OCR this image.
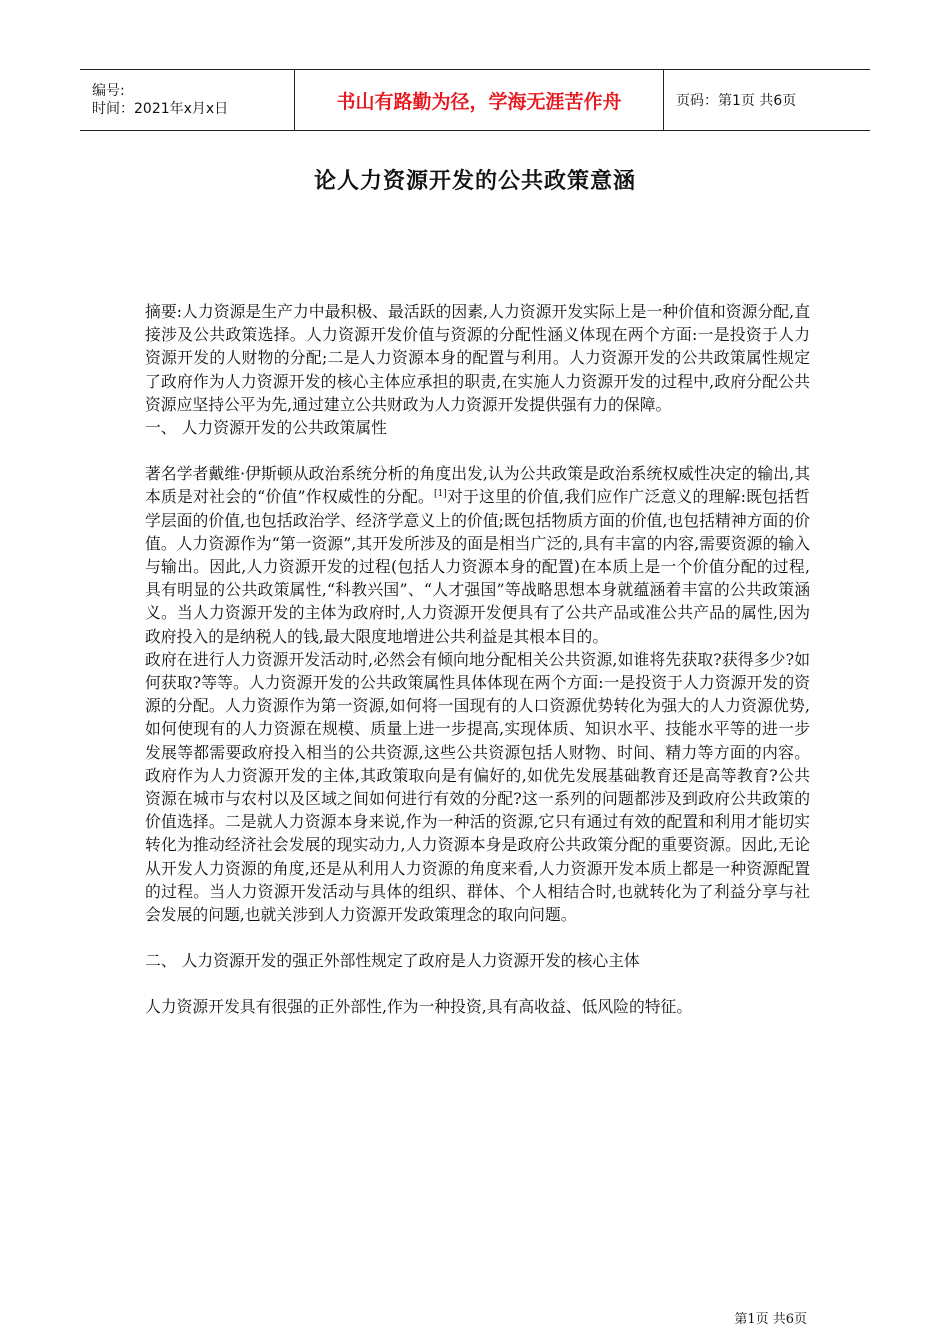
编号:
时间：2021年x月x日	书山有路勤为径，学海无涯苦作舟	页码：第1页 共6页
论人力资源开发的公共政策意涵

摘要:人力资源是生产力中最积极、最活跃的因素,人力资源开发实际上是一种价值和资源分配,直接涉及公共政策选择。人力资源开发价值与资源的分配性涵义体现在两个方面:一是投资于人力资源开发的人财物的分配;二是人力资源本身的配置与利用。人力资源开发的公共政策属性规定了政府作为人力资源开发的核心主体应承担的职责,在实施人力资源开发的过程中,政府分配公共资源应坚持公平为先,通过建立公共财政为人力资源开发提供强有力的保障。

一、 人力资源开发的公共政策属性

著名学者戴维·伊斯顿从政治系统分析的角度出发,认为公共政策是政治系统权威性决定的输出,其本质是对社会的“价值”作权威性的分配。[1]对于这里的价值,我们应作广泛意义的理解:既包括哲学层面的价值,也包括政治学、经济学意义上的价值;既包括物质方面的价值,也包括精神方面的价值。人力资源作为“第一资源”,其开发所涉及的面是相当广泛的,具有丰富的内容,需要资源的输入与输出。因此,人力资源开发的过程(包括人力资源本身的配置)在本质上是一个价值分配的过程,具有明显的公共政策属性,“科教兴国”、“人才强国”等战略思想本身就蕴涵着丰富的公共政策涵义。当人力资源开发的主体为政府时,人力资源开发便具有了公共产品或准公共产品的属性,因为政府投入的是纳税人的钱,最大限度地增进公共利益是其根本目的。

政府在进行人力资源开发活动时,必然会有倾向地分配相关公共资源,如谁将先获取?获得多少?如何获取?等等。人力资源开发的公共政策属性具体体现在两个方面:一是投资于人力资源开发的资源的分配。人力资源作为第一资源,如何将一国现有的人口资源优势转化为强大的人力资源优势,如何使现有的人力资源在规模、质量上进一步提高,实现体质、知识水平、技能水平等的进一步发展等都需要政府投入相当的公共资源,这些公共资源包括人财物、时间、精力等方面的内容。政府作为人力资源开发的主体,其政策取向是有偏好的,如优先发展基础教育还是高等教育?公共资源在城市与农村以及区域之间如何进行有效的分配?这一系列的问题都涉及到政府公共政策的价值选择。二是就人力资源本身来说,作为一种活的资源,它只有通过有效的配置和利用才能切实转化为推动经济社会发展的现实动力,人力资源本身是政府公共政策分配的重要资源。因此,无论从开发人力资源的角度,还是从利用人力资源的角度来看,人力资源开发本质上都是一种资源配置的过程。当人力资源开发活动与具体的组织、群体、个人相结合时,也就转化为了利益分享与社会发展的问题,也就关涉到人力资源开发政策理念的取向问题。

二、 人力资源开发的强正外部性规定了政府是人力资源开发的核心主体

人力资源开发具有很强的正外部性,作为一种投资,具有高收益、低风险的特征。

第1页 共6页
